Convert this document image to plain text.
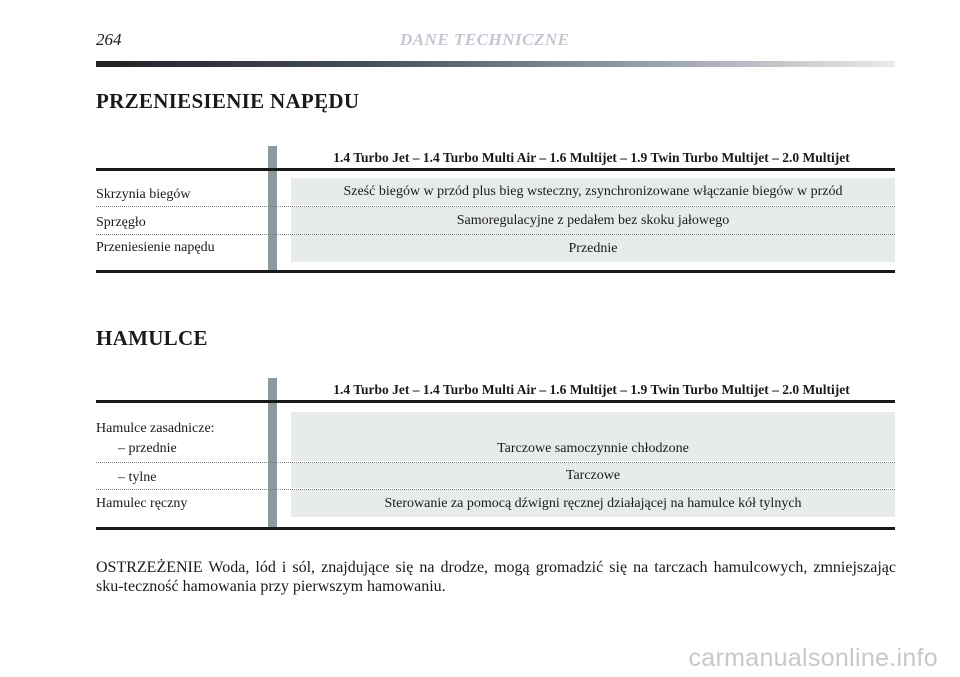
264	DANE TECHNICZNE
PRZENIESIENIE NAPĘDU
1.4 Turbo Jet – 1.4 Turbo Multi Air – 1.6 Multijet – 1.9 Twin Turbo Multijet – 2.0 Multijet
Skrzynia biegów	Sześć biegów w przód plus bieg wsteczny, zsynchronizowane włączanie biegów w przód
Sprzęgło	Samoregulacyjne z pedałem bez skoku jałowego
Przeniesienie napędu	Przednie
HAMULCE
1.4 Turbo Jet – 1.4 Turbo Multi Air – 1.6 Multijet – 1.9 Twin Turbo Multijet – 2.0 Multijet
Hamulce zasadnicze:
– przednie	Tarczowe samoczynnie chłodzone
– tylne	Tarczowe
Hamulec ręczny	Sterowanie za pomocą dźwigni ręcznej działającej na hamulce kół tylnych
OSTRZEŻENIE Woda, lód i sól, znajdujące się na drodze, mogą gromadzić się na tarczach hamulcowych, zmniejszając sku-teczność hamowania przy pierwszym hamowaniu.
carmanualsonline.info
